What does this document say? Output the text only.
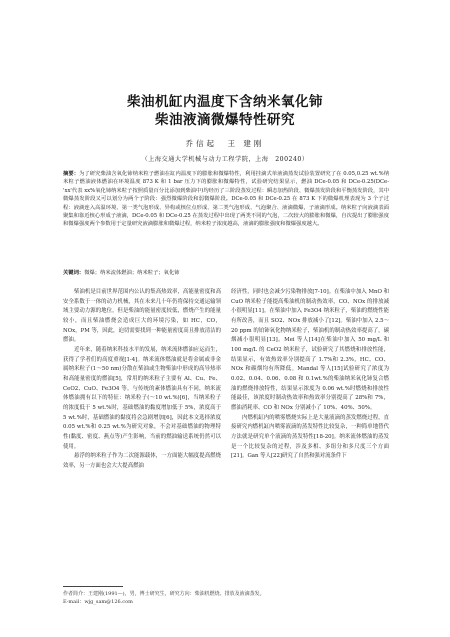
柴油机缸内温度下含纳米氧化铈
柴油液滴微爆特性研究
乔信起　王 建刚
（上海交通大学机械与动力工程学院，上海　200240）
摘要：为了研究柴油含氧化铈纳米粒子燃油在缸内温度下的膨胀和微爆特性，利用挂滴式单液滴蒸发试验装置研究了在 0.05,0.25 wt.%纳米粒子燃油液体燃油在环境温度 873 K 和 1 bar 压力下的膨胀和微爆特性，试验研究结果显示，燃油 DCe-0.05 和 DCe-0.25(DCe-'xx'代表 xx%氧化铈纳米粒子按照质量百分比添加到柴油中)均经历了三阶段蒸发过程：瞬态加热阶段、微爆蒸发阶段和平衡蒸发阶段，其中微爆蒸发阶段又可以划分为两个子阶段：强烈微爆阶段和弱微爆阶段。DCe-0.05 和 DCe-0.25 在 873 K 下的微爆机理表现为 3 个子过程：液滴连入高温环境、第一类气泡形成、异构或核位点形成、第二类气泡形成、气泡聚合、液滴微爆，子液滴形成。纳米粒子向液滴表面聚集和靠近核心形成子液滴，DCe-0.05 和 DCe-0.25 在蒸发过程中出现了两类不同的气泡，二次较大的膨胀和微爆，自次提出了膨胀强度和微爆强度两个参数用于定量研究液滴膨胀和微爆过程，纳米粒子浓度越高，液滴的膨胀强度和微爆强度越大。
关键词：微爆；纳米流体燃油；纳米粒子；氧化铈

柴油机是目前世界范围内公认的集高热效率，高能量密度和高安全系数于一体的动力机械，其在未来几十年仍将保持交通运输领域主要动力源的地位。但是柴油的能量密度较低，燃烧产生的能量较小，而且柴油燃烧会造成巨大的环境污染，如 HC，CO，NOx，PM 等，因此，迫切需要找到一种能量密度高且排放清洁的燃油。

近年来，随着纳米科技水平的发展，纳米流体燃油应运而生，获得了学者们的高度重视[1-4]。纳米流体燃油就是将金属或非金属纳米粒子(1～50 nm)分散在柴油或生物柴油中形成的高导热率和高能量密度的燃油[5]，常用的纳米粒子主要有 Al、Cu、Fe、CeO2、CuO、Fe3O4 等。与传统的紊体燃油具有不同，纳米流体燃油拥有以下的特征：纳米粒子(～10 wt.%)[6]，当纳米粒子的浓度低于 5 wt.%时，基础燃油的黏度增加低于 5%，浓度高于 5 wt.%时，基础燃油的黏度将会急剧增加[6]，因此本文选择浓度 0.05 wt.%和 0.25 wt.%为研究对象，不会对基础燃油的物理特性(黏度、密度、燕点等)产生影响，当前的燃油输送系统仍然可以使用。

悬浮的纳米粒子作为二次能源载体，一方面能大幅度提高燃烧效率，另一方面也会大大提高燃油

经济性，同时也会减少污染物排放[7-10]。在柴油中加入 MnO 和 CuO 纳米粒子能提高柴油机的制动热效率，CO、NOx 的排放减小很明显[11]。在柴油中加入 Fe3O4 纳米粒子，柴油的燃烧性能有所改善，而且 SO2、NOx 排放减小了[12]。柴油中加入 2.5～20 ppm 的铂铈氧化物纳米粒子，柴油机的制动热效率提高了，碳烟减小很明显[13]。Mei 等人[14]在柴油中加入 50 mg/L 和 100 mg/L 的 CeO2 纳米粒子，试验研究了其燃烧和排放性能，结果显示，有效热效率分别提高了 1.7%和 2.3%，HC、CO、NOx 和碳烟均有所降低。Mandal 等人[15]试验研究了浓度为 0.02、0.04、0.06、0.08 和 0.1wt.%的柴油纳米氧化铈复合燃油的燃烧排放特性，结果显示浓度为 0.06 wt.%时燃烧和排放性能最佳，该浓度时制动热效率和热效率分别提高了 28%和 7%，燃油消耗率、CO 和 NOx 分别减小了 10%、40%、50%。

内燃机缸内的喷雾燃烧实际上是大量液滴的蒸发燃烧过程，直接研究内燃机缸内喷雾液滴的蒸发特性比较复杂，一种简单地替代方法就是研究单个液滴的蒸发特性[18-20]。纳米流体燃油的蒸发是一个比较复杂的过程，涉及多相、多组分和多尺度三个方面[21]。Gan 等人[22]研究了自然和强对流条件下

作者简介：王建刚(1991—)，男，博士研究生，研究方向：柴油机燃烧、排放及液滴蒸发。
E-mail：wjg_sam@126.com
